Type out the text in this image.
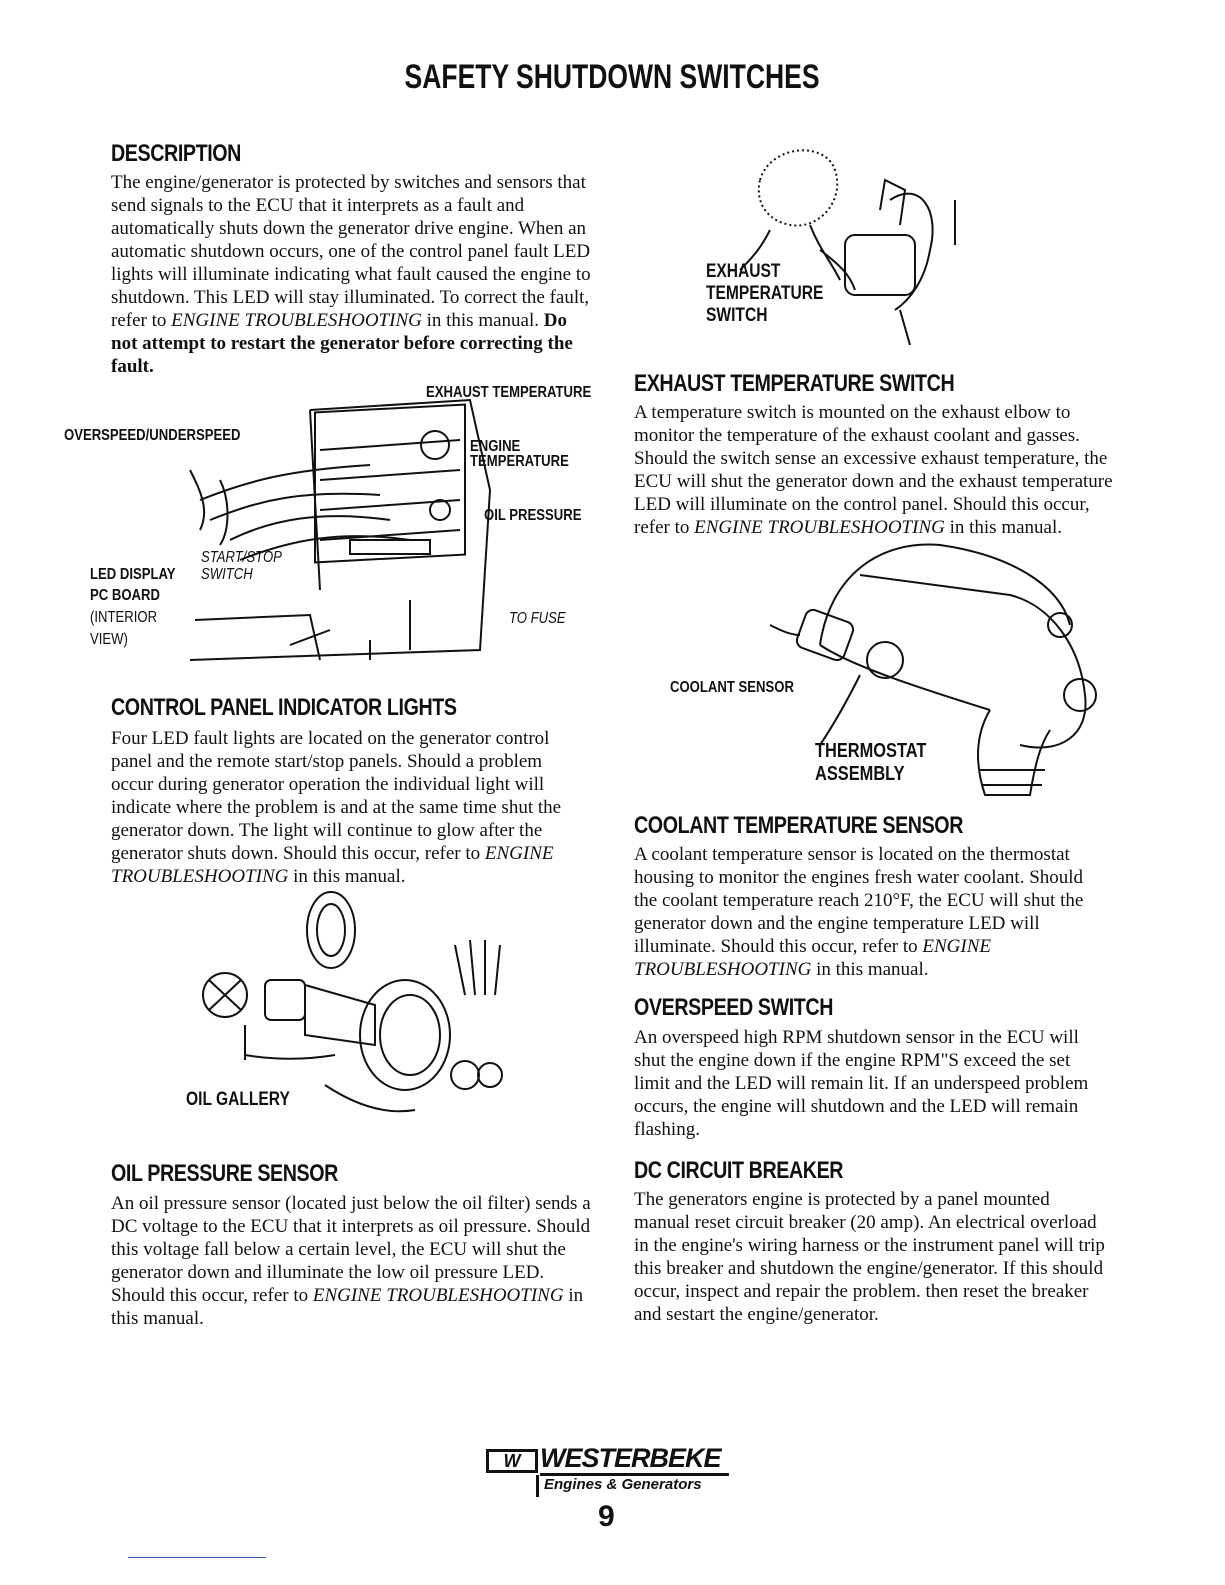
SAFETY SHUTDOWN SWITCHES
DESCRIPTION
The engine/generator is protected by switches and sensors that send signals to the ECU that it interprets as a fault and automatically shuts down the generator drive engine. When an automatic shutdown occurs, one of the control panel fault LED lights will illuminate indicating what fault caused the engine to shutdown. This LED will stay illuminated. To correct the fault, refer to ENGINE TROUBLESHOOTING in this manual. Do not attempt to restart the generator before correcting the fault.
EXHAUST TEMPERATURE
OVERSPEED/UNDERSPEED
ENGINE
TEMPERATURE
OIL PRESSURE
START/STOP
SWITCH
LED DISPLAY
PC BOARD
(INTERIOR
VIEW)
TO FUSE
CONTROL PANEL INDICATOR LIGHTS
Four LED fault lights are located on the generator control panel and the remote start/stop panels. Should a problem occur during generator operation the individual light will indicate where the problem is and at the same time shut the generator down. The light will continue to glow after the generator shuts down. Should this occur, refer to ENGINE TROUBLESHOOTING in this manual.
OIL GALLERY
OIL PRESSURE SENSOR
An oil pressure sensor (located just below the oil filter) sends a DC voltage to the ECU that it interprets as oil pressure. Should this voltage fall below a certain level, the ECU will shut the generator down and illuminate the low oil pressure LED. Should this occur, refer to ENGINE TROUBLESHOOTING in this manual.
EXHAUST
TEMPERATURE
SWITCH
EXHAUST TEMPERATURE SWITCH
A temperature switch is mounted on the exhaust elbow to monitor the temperature of the exhaust coolant and gasses. Should the switch sense an excessive exhaust temperature, the ECU will shut the generator down and the exhaust temperature LED will illuminate on the control panel. Should this occur, refer to ENGINE TROUBLESHOOTING in this manual.
COOLANT SENSOR
THERMOSTAT
ASSEMBLY
COOLANT TEMPERATURE SENSOR
A coolant temperature sensor is located on the thermostat housing to monitor the engines fresh water coolant. Should the coolant temperature reach 210°F, the ECU will shut the generator down and the engine temperature LED will illuminate. Should this occur, refer to ENGINE TROUBLESHOOTING in this manual.
OVERSPEED SWITCH
An overspeed high RPM shutdown sensor in the ECU will shut the engine down if the engine RPM"S exceed the set limit and the LED will remain lit. If an underspeed problem occurs, the engine will shutdown and the LED will remain flashing.
DC CIRCUIT BREAKER
The generators engine is protected by a panel mounted manual reset circuit breaker (20 amp). An electrical overload in the engine's wiring harness or the instrument panel will trip this breaker and shutdown the engine/generator. If this should occur, inspect and repair the problem. then reset the breaker and sestart the engine/generator.
W WESTERBEKE
Engines & Generators
9
